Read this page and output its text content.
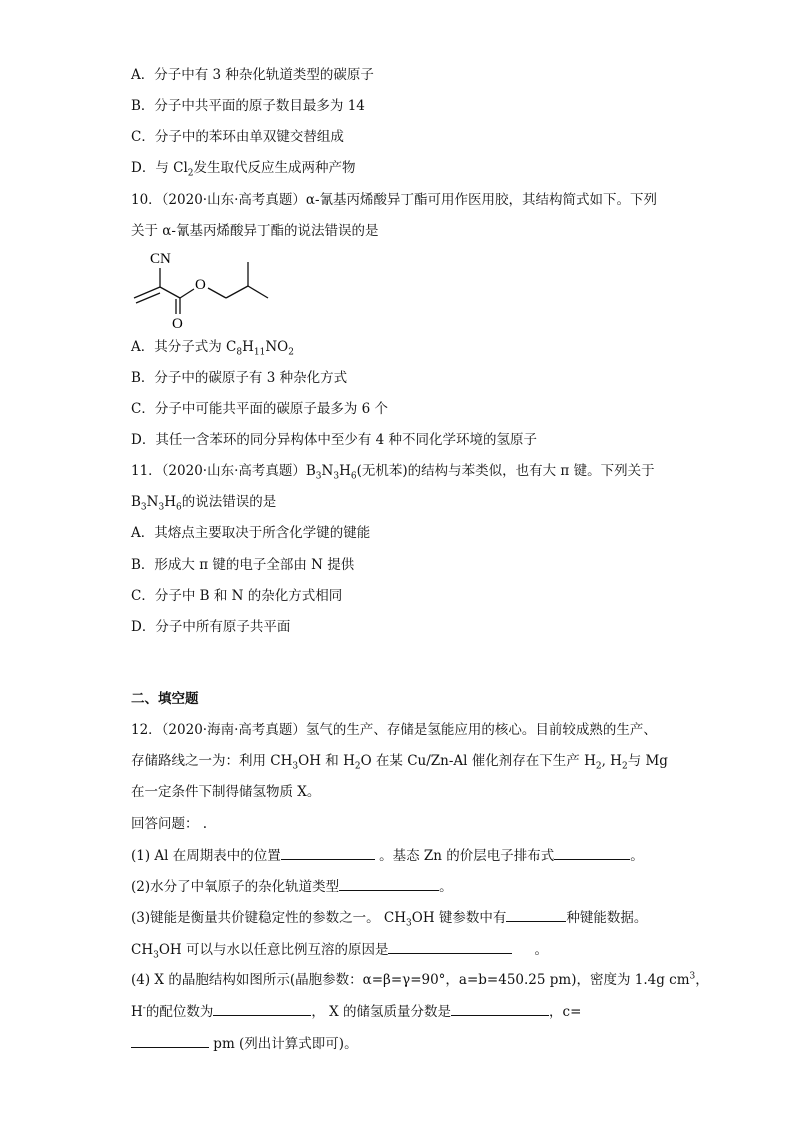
A．分子中有 3 种杂化轨道类型的碳原子
B．分子中共平面的原子数目最多为 14
C．分子中的苯环由单双键交替组成
D．与 $Cl_2$发生取代反应生成两种产物
10．（2020·山东·高考真题）α-氰基丙烯酸异丁酯可用作医用胶，其结构简式如下。下列
关于 α-氰基丙烯酸异丁酯的说法错误的是
CN
O
O
A．其分子式为 $C_8H_{11}NO_2$
B．分子中的碳原子有 3 种杂化方式
C．分子中可能共平面的碳原子最多为 6 个
D．其任一含苯环的同分异构体中至少有 4 种不同化学环境的氢原子
11．（2020·山东·高考真题）$B_3N_3H_6$(无机苯)的结构与苯类似，也有大 π 键。下列关于
$B_3N_3H_6$的说法错误的是
A．其熔点主要取决于所含化学键的键能
B．形成大 π 键的电子全部由 N 提供
C．分子中 B 和 N 的杂化方式相同
D．分子中所有原子共平面
二、填空题
12．（2020·海南·高考真题）氢气的生产、存储是氢能应用的核心。目前较成熟的生产、
存储路线之一为：利用 $CH_3OH$ 和 $H_2O$ 在某 Cu/Zn-Al 催化剂存在下生产 $H_2$, $H_2$与 Mg
在一定条件下制得储氢物质 X。
回答问题： .
(1) Al 在周期表中的位置	。基态 Zn 的价层电子排布式	。
(2)水分了中氧原子的杂化轨道类型	。
(3)键能是衡量共价键稳定性的参数之一。 $CH_3OH$ 键参数中有	种键能数据。
$CH_3OH$ 可以与水以任意比例互溶的原因是	。
(4) X 的晶胞结构如图所示(晶胞参数：α=β=γ=90°，a=b=450.25 pm)，密度为 1.4g $cm^3$，
H-的配位数为	， X 的储氢质量分数是	，c=
pm (列出计算式即可)。
